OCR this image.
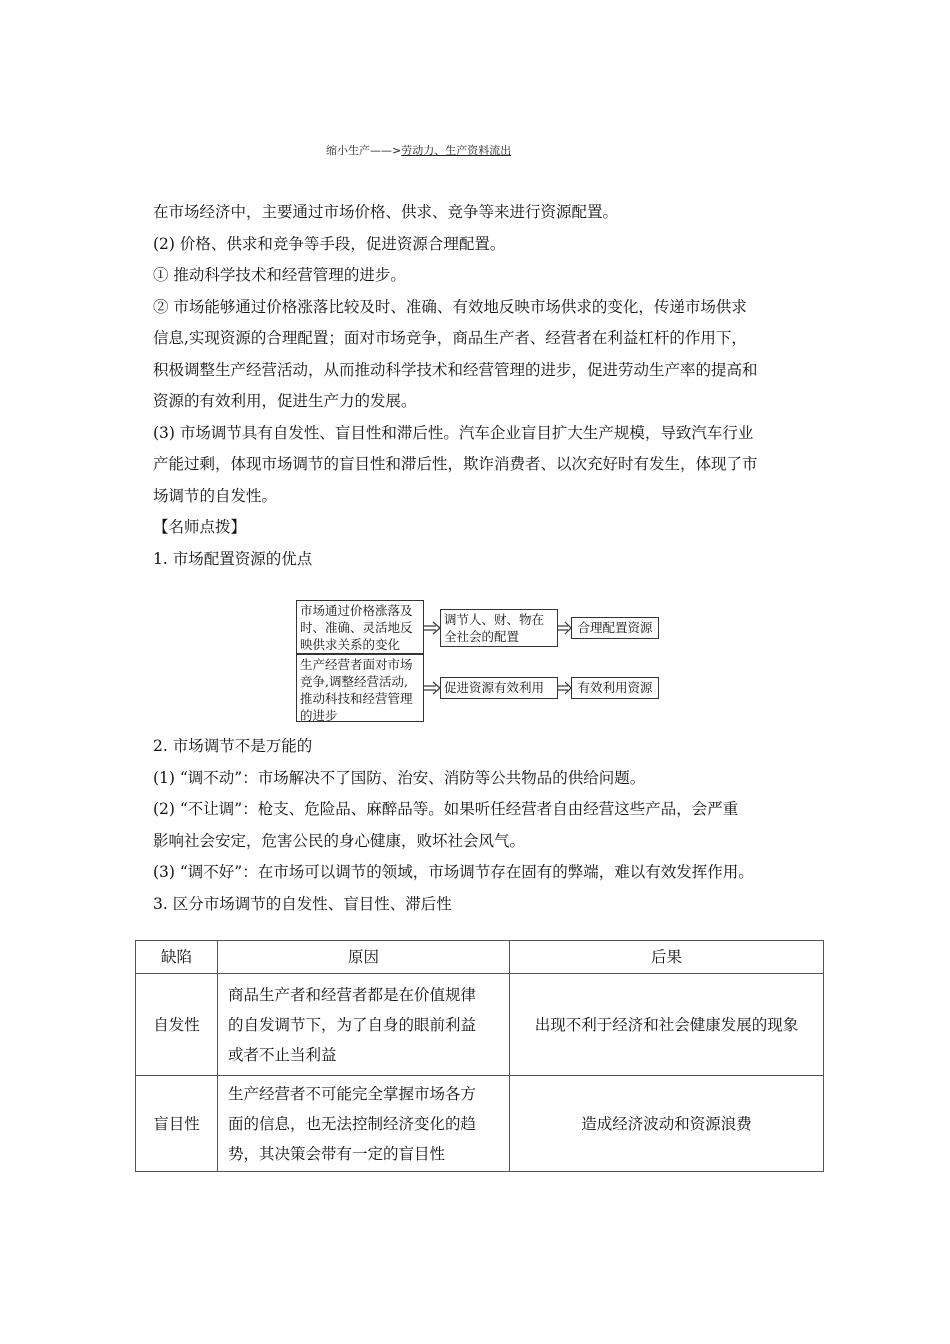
缩小生产——>劳动力、生产资料流出
在市场经济中，主要通过市场价格、供求、竞争等来进行资源配置。
(2) 价格、供求和竞争等手段，促进资源合理配置。
① 推动科学技术和经营管理的进步。
② 市场能够通过价格涨落比较及时、准确、有效地反映市场供求的变化，传递市场供求
信息,实现资源的合理配置；面对市场竞争，商品生产者、经营者在利益杠杆的作用下，
积极调整生产经营活动，从而推动科学技术和经营管理的进步，促进劳动生产率的提高和
资源的有效利用，促进生产力的发展。
(3) 市场调节具有自发性、盲目性和滞后性。汽车企业盲目扩大生产规模，导致汽车行业
产能过剩，体现市场调节的盲目性和滞后性，欺诈消费者、以次充好时有发生，体现了市
场调节的自发性。
【名师点拨】
1. 市场配置资源的优点
市场通过价格涨落及
时、准确、灵活地反
映供求关系的变化
生产经营者面对市场
竞争,调整经营活动,
推动科技和经营管理
的进步
调节人、财、物在
全社会的配置
合理配置资源
促进资源有效利用	有效利用资源
2. 市场调节不是万能的
(1) “调不动”：市场解决不了国防、治安、消防等公共物品的供给问题。
(2) “不让调”：枪支、危险品、麻醉品等。如果听任经营者自由经营这些产品，会严重
影响社会安定，危害公民的身心健康，败坏社会风气。
(3) “调不好”：在市场可以调节的领域，市场调节存在固有的弊端，难以有效发挥作用。
3. 区分市场调节的自发性、盲目性、滞后性
缺陷	原因	后果
自发性	商品生产者和经营者都是在价值规律
的自发调节下，为了自身的眼前利益
或者不止当利益	出现不利于经济和社会健康发展的现象
盲目性	生产经营者不可能完全掌握市场各方
面的信息，也无法控制经济变化的趋
势，其决策会带有一定的盲目性	造成经济波动和资源浪费
